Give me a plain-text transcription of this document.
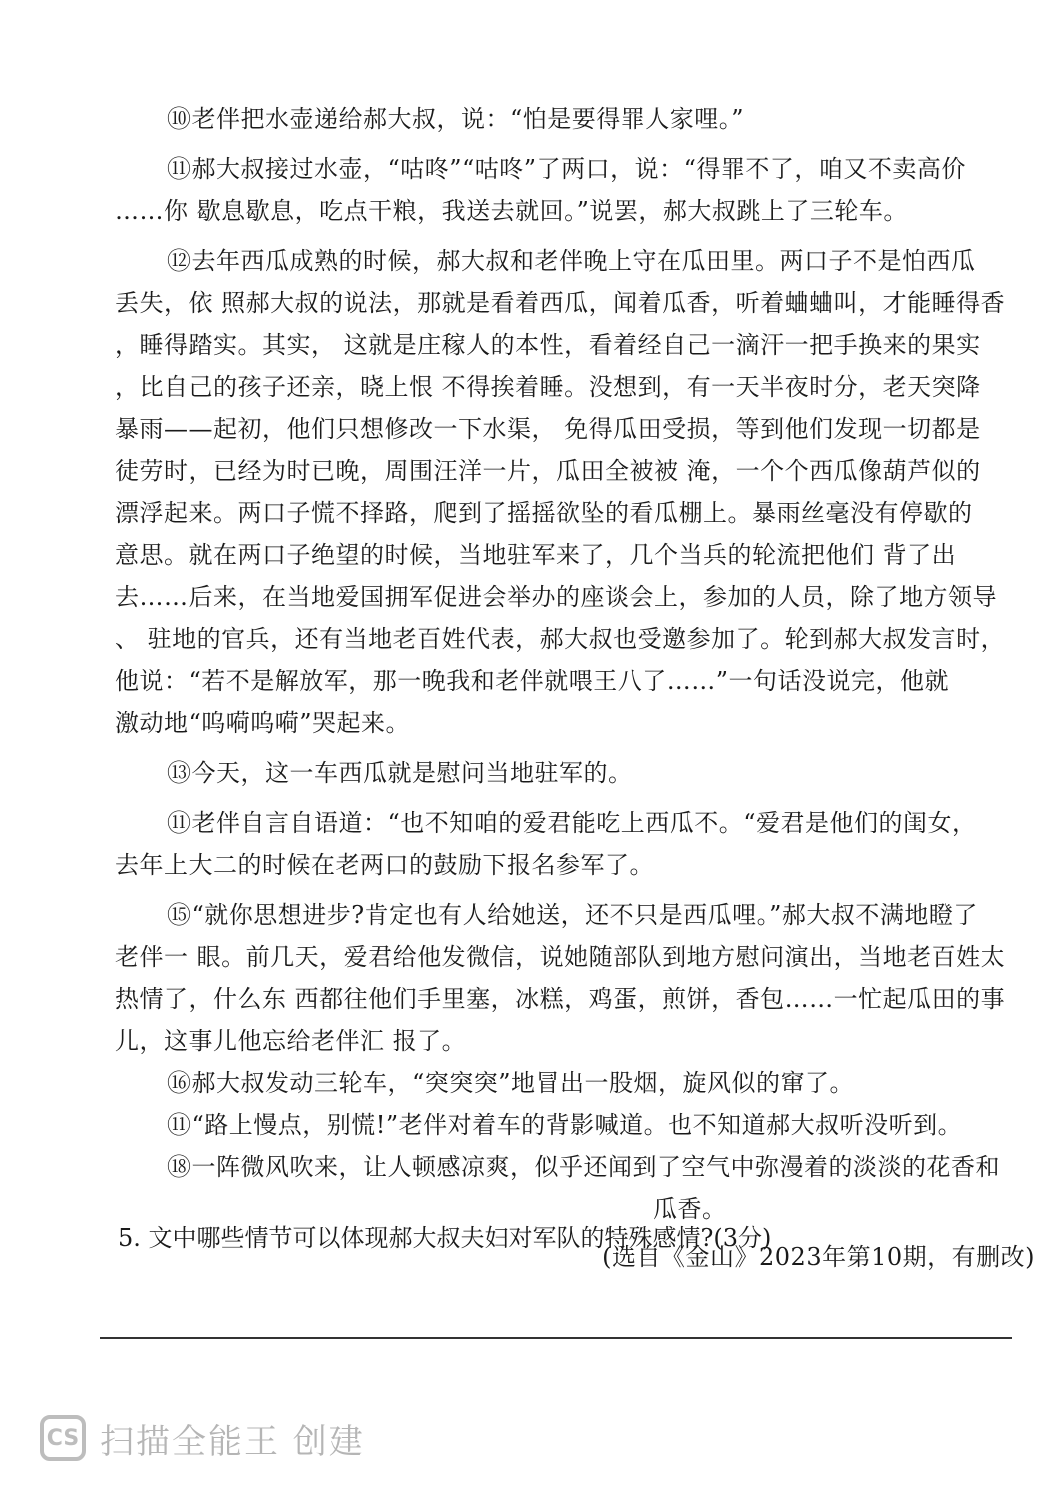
⑩老伴把水壶递给郝大叔，说：“怕是要得罪人家哩。”
⑪郝大叔接过水壶，“咕咚”“咕咚”了两口，说：“得罪不了，咱又不卖高价
……你 歇息歇息，吃点干粮，我送去就回。”说罢，郝大叔跳上了三轮车。
⑫去年西瓜成熟的时候，郝大叔和老伴晚上守在瓜田里。两口子不是怕西瓜
丢失，依 照郝大叔的说法，那就是看着西瓜，闻着瓜香，听着蛐蛐叫，才能睡得香
，睡得踏实。其实， 这就是庄稼人的本性，看着经自己一滴汗一把手换来的果实
，比自己的孩子还亲，晓上恨 不得挨着睡。没想到，有一天半夜时分，老天突降
暴雨——起初，他们只想修改一下水渠， 免得瓜田受损，等到他们发现一切都是
徒劳时，已经为时已晚，周围汪洋一片，瓜田全被被 淹，一个个西瓜像葫芦似的
漂浮起来。两口子慌不择路，爬到了摇摇欲坠的看瓜棚上。暴雨丝毫没有停歇的
意思。就在两口子绝望的时候，当地驻军来了，几个当兵的轮流把他们 背了出
去……后来，在当地爱国拥军促进会举办的座谈会上，参加的人员，除了地方领导
、 驻地的官兵，还有当地老百姓代表，郝大叔也受邀参加了。轮到郝大叔发言时，
他说：“若不是解放军，那一晚我和老伴就喂王八了……”一句话没说完，他就
激动地“呜嗬呜嗬”哭起来。
⑬今天，这一车西瓜就是慰问当地驻军的。
⑪老伴自言自语道：“也不知咱的爱君能吃上西瓜不。“爱君是他们的闺女，
去年上大二的时候在老两口的鼓励下报名参军了。
⑮“就你思想进步?肯定也有人给她送，还不只是西瓜哩。”郝大叔不满地瞪了
老伴一 眼。前几天，爱君给他发微信，说她随部队到地方慰问演出，当地老百姓太
热情了，什么东 西都往他们手里塞，冰糕，鸡蛋，煎饼，香包……一忙起瓜田的事
儿，这事儿他忘给老伴汇 报了。
⑯郝大叔发动三轮车，“突突突”地冒出一股烟，旋风似的窜了。
⑪“路上慢点，别慌!”老伴对着车的背影喊道。也不知道郝大叔听没听到。
⑱一阵微风吹来，让人顿感凉爽，似乎还闻到了空气中弥漫着的淡淡的花香和
瓜香。
(选自《金山》2023年第10期，有删改)
5. 文中哪些情节可以体现郝大叔夫妇对军队的特殊感情?(3分)
CS 扫描全能王 创建
